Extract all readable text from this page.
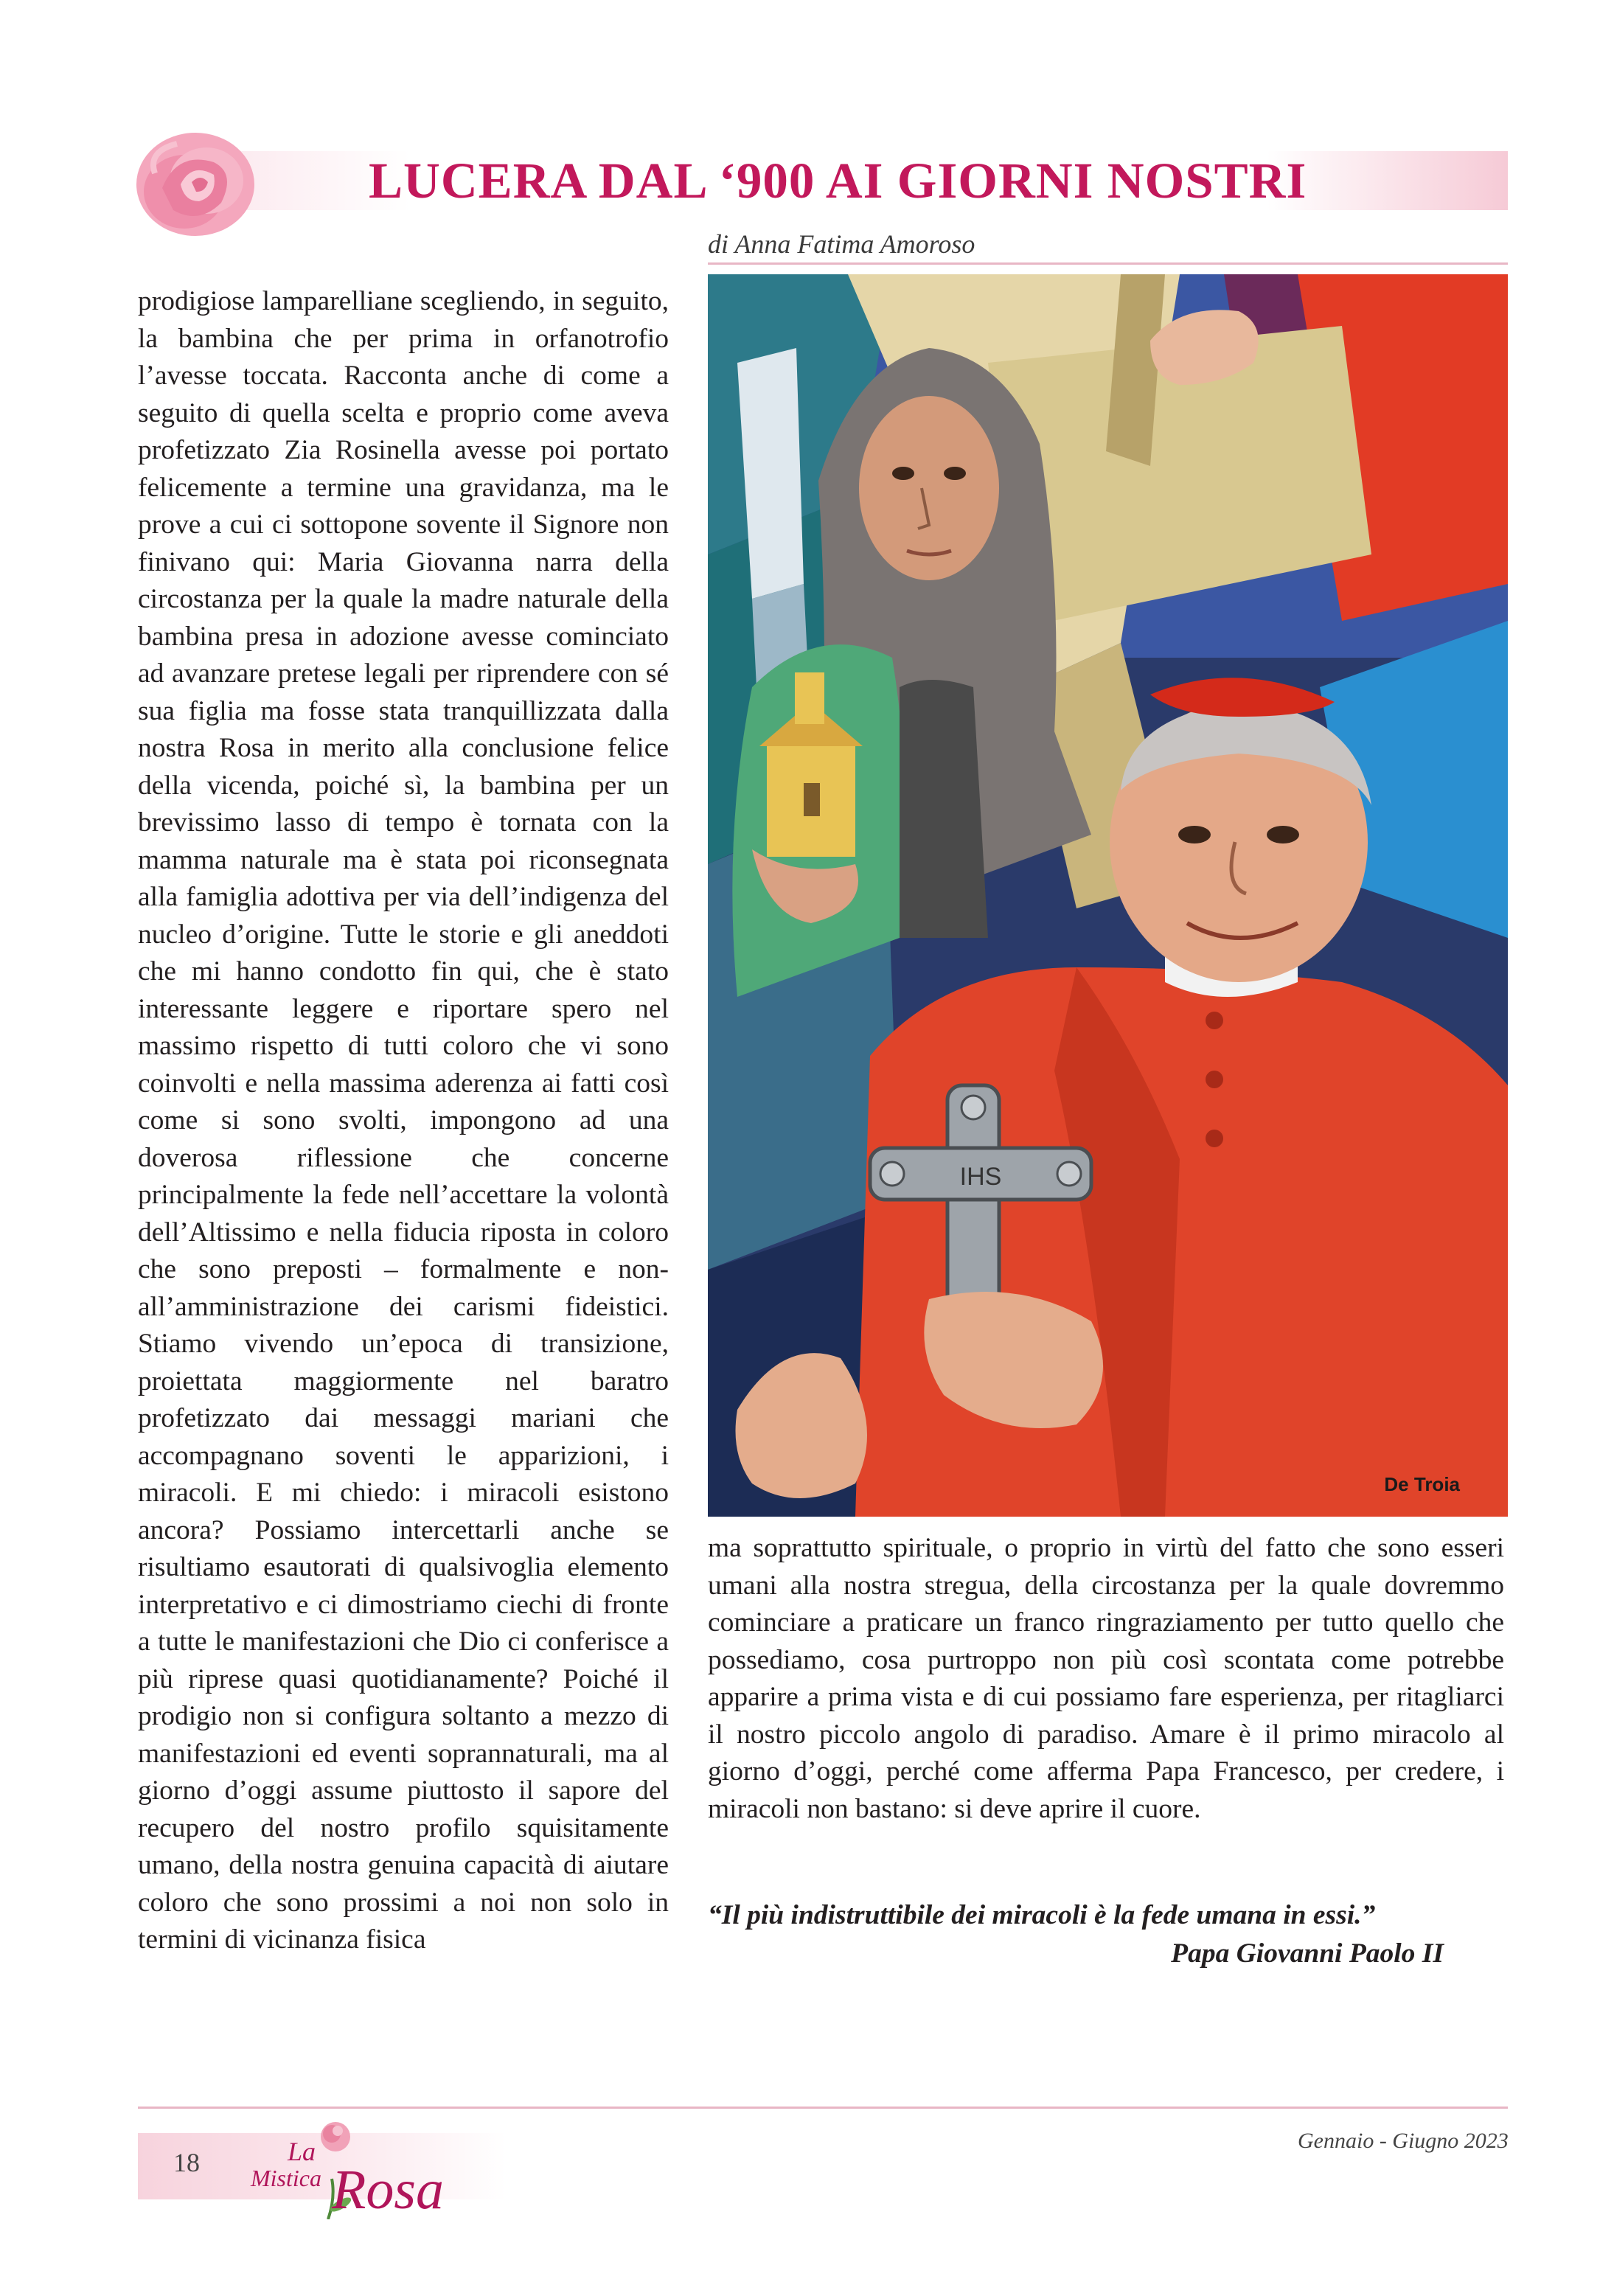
LUCERA DAL ‘900 AI GIORNI NOSTRI
di Anna Fatima Amoroso

prodigiose lamparelliane scegliendo, in seguito, la bambina che per prima in orfanotrofio l’avesse toccata. Racconta anche di come a seguito di quella scelta e proprio come aveva profetizzato Zia Rosinella avesse poi portato felicemente a termine una gravidanza, ma le prove a cui ci sottopone sovente il Signore non finivano qui: Maria Giovanna narra della circostanza per la quale la madre naturale della bambina presa in adozione avesse cominciato ad avanzare pretese legali per riprendere con sé sua figlia ma fosse stata tranquillizzata dalla nostra Rosa in merito alla conclusione felice della vicenda, poiché sì, la bambina per un brevissimo lasso di tempo è tornata con la mamma naturale ma è stata poi riconsegnata alla famiglia adottiva per via dell’indigenza del nucleo d’origine. Tutte le storie e gli aneddoti che mi hanno condotto fin qui, che è stato interessante leggere e riportare spero nel massimo rispetto di tutti coloro che vi sono coinvolti e nella massima aderenza ai fatti così come si sono svolti, impongono ad una doverosa riflessione che concerne principalmente la fede nell’accettare la volontà dell’Altissimo e nella fiducia riposta in coloro che sono preposti – formalmente e non- all’amministrazione dei carismi fideistici. Stiamo vivendo un’epoca di transizione, proiettata maggiormente nel baratro profetizzato dai messaggi mariani che accompagnano soventi le apparizioni, i miracoli. E mi chiedo: i miracoli esistono ancora? Possiamo intercettarli anche se risultiamo esautorati di qualsivoglia elemento interpretativo e ci dimostriamo ciechi di fronte a tutte le manifestazioni che Dio ci conferisce a più riprese quasi quotidianamente? Poiché il prodigio non si configura soltanto a mezzo di manifestazioni ed eventi soprannaturali, ma al giorno d’oggi assume piuttosto il sapore del recupero del nostro profilo squisitamente umano, della nostra genuina capacità di aiutare coloro che sono prossimi a noi non solo in termini di vicinanza fisica

IHS
De Troia

ma soprattutto spirituale, o proprio in virtù del fatto che sono esseri umani alla nostra stregua, della circostanza per la quale dovremmo cominciare a praticare un franco ringraziamento per tutto quello che possediamo, cosa purtroppo non più così scontata come potrebbe apparire a prima vista e di cui possiamo fare esperienza, per ritagliarci il nostro piccolo angolo di paradiso. Amare è il primo miracolo al giorno d’oggi, perché come afferma Papa Francesco, per credere, i miracoli non bastano: si deve aprire il cuore.

“Il più indistruttibile dei miracoli è la fede umana in essi.”
Papa Giovanni Paolo II
18	La
Mistica Rosa
Gennaio - Giugno 2023
